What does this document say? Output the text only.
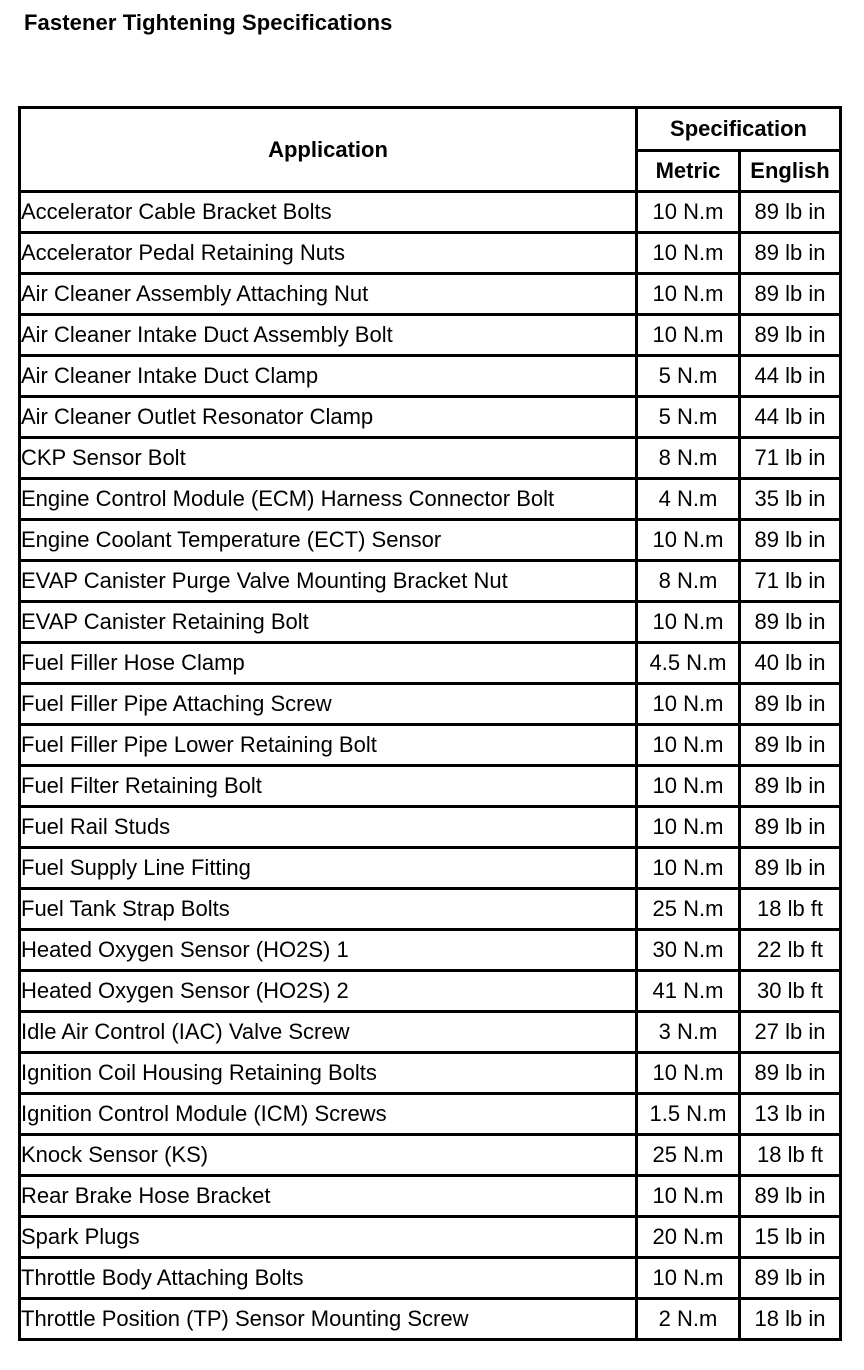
Fastener Tightening Specifications
Application	Specification	
	Metric	English
Accelerator Cable Bracket Bolts	10 N.m	89 lb in
Accelerator Pedal Retaining Nuts	10 N.m	89 lb in
Air Cleaner Assembly Attaching Nut	10 N.m	89 lb in
Air Cleaner Intake Duct Assembly Bolt	10 N.m	89 lb in
Air Cleaner Intake Duct Clamp	5 N.m	44 lb in
Air Cleaner Outlet Resonator Clamp	5 N.m	44 lb in
CKP Sensor Bolt	8 N.m	71 lb in
Engine Control Module (ECM) Harness Connector Bolt	4 N.m	35 lb in
Engine Coolant Temperature (ECT) Sensor	10 N.m	89 lb in
EVAP Canister Purge Valve Mounting Bracket Nut	8 N.m	71 lb in
EVAP Canister Retaining Bolt	10 N.m	89 lb in
Fuel Filler Hose Clamp	4.5 N.m	40 lb in
Fuel Filler Pipe Attaching Screw	10 N.m	89 lb in
Fuel Filler Pipe Lower Retaining Bolt	10 N.m	89 lb in
Fuel Filter Retaining Bolt	10 N.m	89 lb in
Fuel Rail Studs	10 N.m	89 lb in
Fuel Supply Line Fitting	10 N.m	89 lb in
Fuel Tank Strap Bolts	25 N.m	18 lb ft
Heated Oxygen Sensor (HO2S) 1	30 N.m	22 lb ft
Heated Oxygen Sensor (HO2S) 2	41 N.m	30 lb ft
Idle Air Control (IAC) Valve Screw	3 N.m	27 lb in
Ignition Coil Housing Retaining Bolts	10 N.m	89 lb in
Ignition Control Module (ICM) Screws	1.5 N.m	13 lb in
Knock Sensor (KS)	25 N.m	18 lb ft
Rear Brake Hose Bracket	10 N.m	89 lb in
Spark Plugs	20 N.m	15 lb in
Throttle Body Attaching Bolts	10 N.m	89 lb in
Throttle Position (TP) Sensor Mounting Screw	2 N.m	18 lb in
